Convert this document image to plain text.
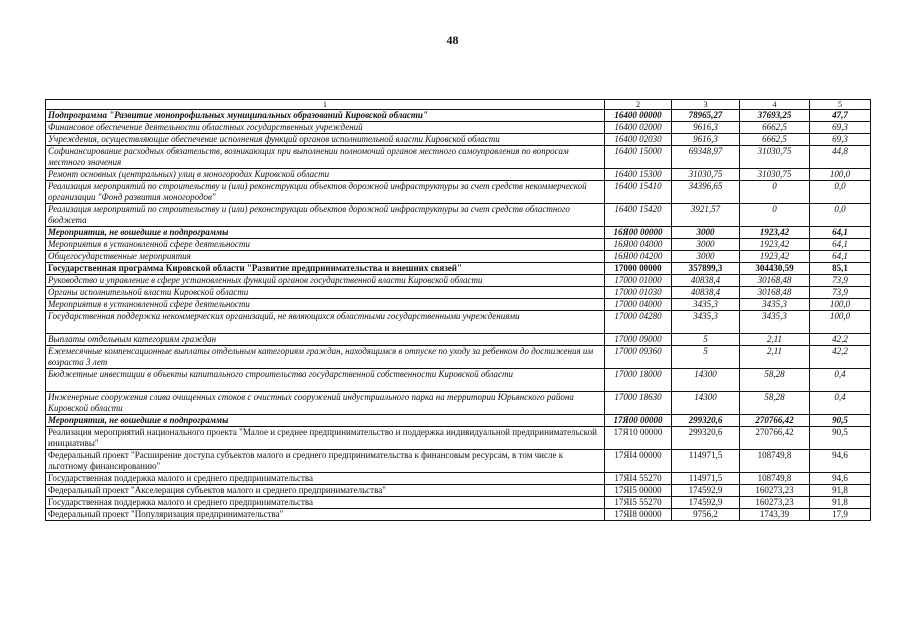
48
1	2	3	4	5
Подпрограмма "Развитие монопрофильных муниципальных образований Кировской области"	16400 00000	78965,27	37693,25	47,7
Финансовое обеспечение деятельности областных государственных учреждений	16400 02000	9616,3	6662,5	69,3
Учреждения, осуществляющие обеспечение исполнения функций органов исполнительной власти Кировской области	16400 02030	9616,3	6662,5	69,3
Софинансирование расходных обязательств, возникающих при выполнении полномочий органов местного самоуправления по вопросам местного значения	16400 15000	69348,97	31030,75	44,8
Ремонт основных (центральных) улиц в моногородах Кировской области	16400 15300	31030,75	31030,75	100,0
Реализация мероприятий по строительству и (или) реконструкции объектов дорожной инфраструктуры за счет средств некоммерческой организации "Фонд развития моногородов"	16400 15410	34396,65	0	0,0
Реализация мероприятий по строительству и (или) реконструкции объектов дорожной инфраструктуры за счет средств областного бюджета	16400 15420	3921,57	0	0,0
Мероприятия, не вошедшие в подпрограммы	16Я00 00000	3000	1923,42	64,1
Мероприятия в установленной сфере деятельности	16Я00 04000	3000	1923,42	64,1
Общегосударственные мероприятия	16Я00 04200	3000	1923,42	64,1
Государственная программа Кировской области "Развитие предпринимательства и внешних связей"	17000 00000	357899,3	304430,59	85,1
Руководство и управление в сфере установленных функций органов государственной власти Кировской области	17000 01000	40838,4	30168,48	73,9
Органы исполнительной власти Кировской области	17000 01030	40838,4	30168,48	73,9
Мероприятия в установленной сфере деятельности	17000 04000	3435,3	3435,3	100,0
Государственная поддержка некоммерческих организаций, не являющихся областными государственными учреждениями	17000 04280	3435,3	3435,3	100,0
Выплаты отдельным категориям граждан	17000 09000	5	2,11	42,2
Ежемесячные компенсационные выплаты отдельным категориям граждан, находящимся в отпуске по уходу за ребенком до достижения им возраста 3 лет	17000 09360	5	2,11	42,2
Бюджетные инвестиции в объекты капитального строительства государственной собственности Кировской области	17000 18000	14300	58,28	0,4
Инженерные сооружения слива очищенных стоков с очистных сооружений индустриального парка на территории Юрьянского района Кировской области	17000 18630	14300	58,28	0,4
Мероприятия, не вошедшие в подпрограммы	17Я00 00000	299320,6	270766,42	90,5
Реализация мероприятий национального проекта "Малое и среднее предпринимательство и поддержка индивидуальной предпринимательской инициативы"	17Я10 00000	299320,6	270766,42	90,5
Федеральный проект "Расширение доступа субъектов малого и среднего предпринимательства к финансовым ресурсам, в том числе к льготному финансированию"	17ЯI4 00000	114971,5	108749,8	94,6
Государственная поддержка малого и среднего предпринимательства	17ЯI4 55270	114971,5	108749,8	94,6
Федеральный проект "Акселерация субъектов малого и среднего предпринимательства"	17ЯI5 00000	174592,9	160273,23	91,8
Государственная поддержка малого и среднего предпринимательства	17ЯI5 55270	174592,9	160273,23	91,8
Федеральный проект "Популяризация предпринимательства"	17ЯI8 00000	9756,2	1743,39	17,9
